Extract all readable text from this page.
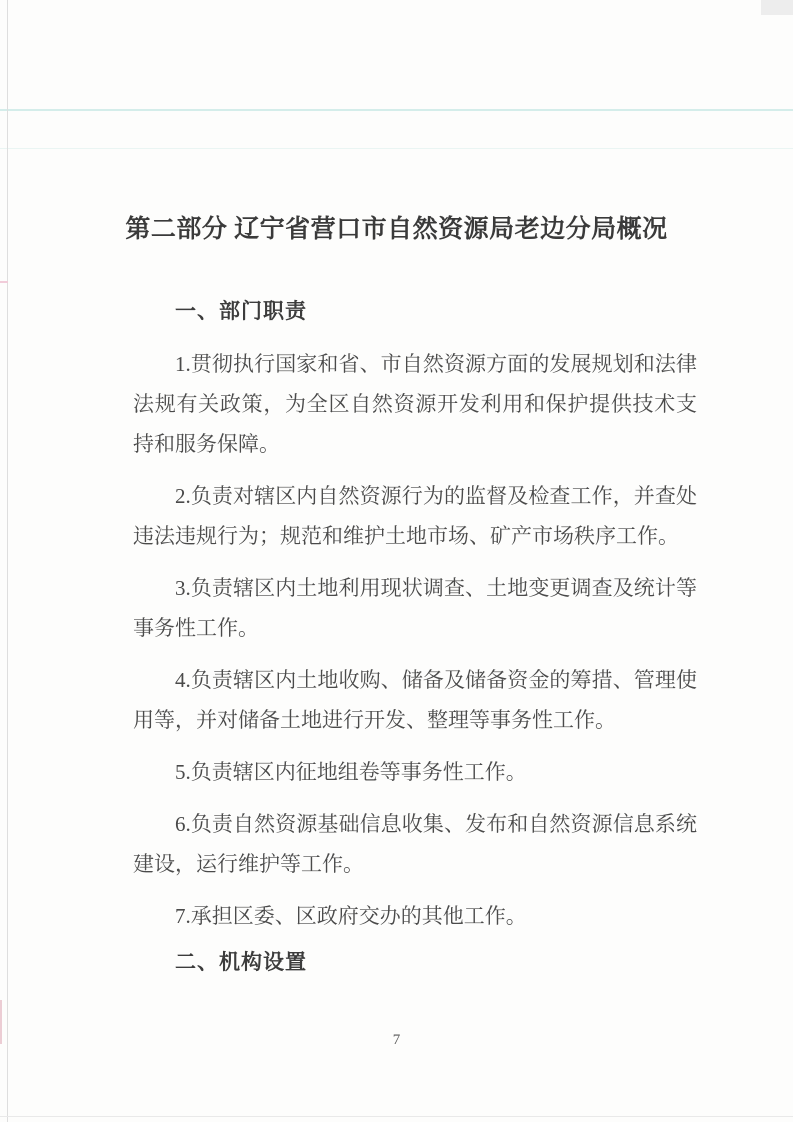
第二部分 辽宁省营口市自然资源局老边分局概况
一、部门职责

1.贯彻执行国家和省、市自然资源方面的发展规划和法律法规有关政策，为全区自然资源开发利用和保护提供技术支持和服务保障。

2.负责对辖区内自然资源行为的监督及检查工作，并查处违法违规行为；规范和维护土地市场、矿产市场秩序工作。

3.负责辖区内土地利用现状调查、土地变更调查及统计等事务性工作。

4.负责辖区内土地收购、储备及储备资金的筹措、管理使用等，并对储备土地进行开发、整理等事务性工作。

5.负责辖区内征地组卷等事务性工作。

6.负责自然资源基础信息收集、发布和自然资源信息系统建设，运行维护等工作。

7.承担区委、区政府交办的其他工作。

二、机构设置
7
